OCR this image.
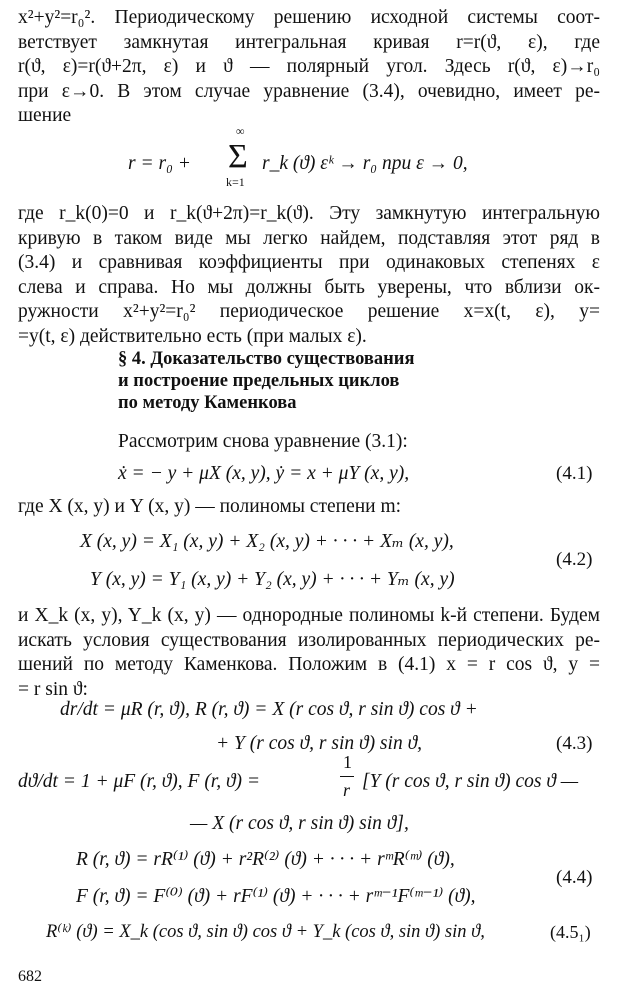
x²+y²=r₀². Периодическому решению исходной системы соот-
ветствует замкнутая интегральная кривая r=r(ϑ, ε), где
r(ϑ, ε)=r(ϑ+2π, ε) и ϑ — полярный угол. Здесь r(ϑ, ε)→r₀
при ε→0. В этом случае уравнение (3.4), очевидно, имеет ре-
шение
r = r₀ +
∞
Σ
k=1
r_k (ϑ) εᵏ → r₀ при ε → 0,
где r_k(0)=0 и r_k(ϑ+2π)=r_k(ϑ). Эту замкнутую интегральную
кривую в таком виде мы легко найдем, подставляя этот ряд в
(3.4) и сравнивая коэффициенты при одинаковых степенях ε
слева и справа. Но мы должны быть уверены, что вблизи ок-
ружности x²+y²=r₀² периодическое решение x=x(t, ε), y=
=y(t, ε) действительно есть (при малых ε).
§ 4. Доказательство существования
и построение предельных циклов
по методу Каменкова
Рассмотрим снова уравнение (3.1):
ẋ = − y + μX (x, y), ẏ = x + μY (x, y),	(4.1)
где X (x, y) и Y (x, y) — полиномы степени m:
X (x, y) = X₁ (x, y) + X₂ (x, y) + · · · + Xₘ (x, y),
Y (x, y) = Y₁ (x, y) + Y₂ (x, y) + · · · + Yₘ (x, y)
(4.2)
и X_k (x, y), Y_k (x, y) — однородные полиномы k-й степени. Будем
искать условия существования изолированных периодических ре-
шений по методу Каменкова. Положим в (4.1) x = r cos ϑ, y =
= r sin ϑ:
dr/dt = μR (r, ϑ), R (r, ϑ) = X (r cos ϑ, r sin ϑ) cos ϑ +
+ Y (r cos ϑ, r sin ϑ) sin ϑ,	(4.3)
dϑ/dt = 1 + μF (r, ϑ), F (r, ϑ) =
1
r [Y (r cos ϑ, r sin ϑ) cos ϑ —
— X (r cos ϑ, r sin ϑ) sin ϑ],
R (r, ϑ) = rR⁽¹⁾ (ϑ) + r²R⁽²⁾ (ϑ) + · · · + rᵐR⁽ᵐ⁾ (ϑ),
F (r, ϑ) = F⁽⁰⁾ (ϑ) + rF⁽¹⁾ (ϑ) + · · · + rᵐ⁻¹F⁽ᵐ⁻¹⁾ (ϑ),
(4.4)
R⁽ᵏ⁾ (ϑ) = X_k (cos ϑ, sin ϑ) cos ϑ + Y_k (cos ϑ, sin ϑ) sin ϑ,	(4.5₁)
682
